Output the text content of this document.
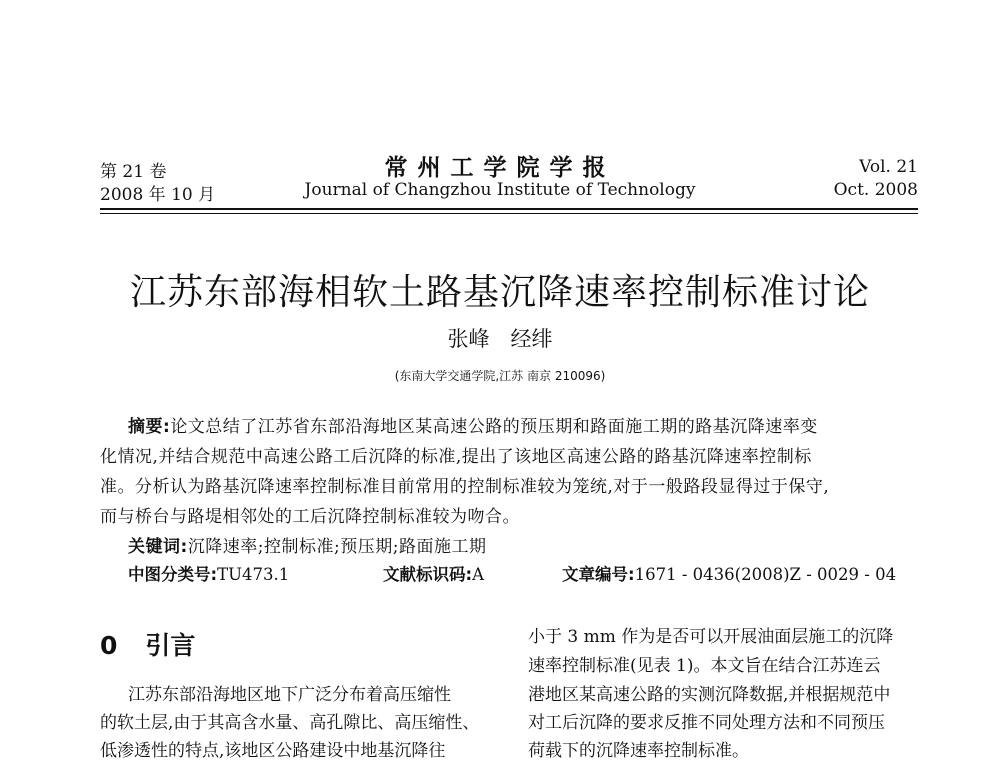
第 21 卷
2008 年 10 月
常州工学院学报
Journal of Changzhou Institute of Technology
Vol. 21
Oct. 2008
江苏东部海相软土路基沉降速率控制标准讨论
张峰　经绯
(东南大学交通学院,江苏 南京 210096)
摘要:论文总结了江苏省东部沿海地区某高速公路的预压期和路面施工期的路基沉降速率变
化情况,并结合规范中高速公路工后沉降的标准,提出了该地区高速公路的路基沉降速率控制标
准。分析认为路基沉降速率控制标准目前常用的控制标准较为笼统,对于一般路段显得过于保守,
而与桥台与路堤相邻处的工后沉降控制标准较为吻合。
关键词:沉降速率;控制标准;预压期;路面施工期
中图分类号:TU473.1	文献标识码:A	文章编号:1671 - 0436(2008)Z - 0029 - 04
0 引言
江苏东部沿海地区地下广泛分布着高压缩性
的软土层,由于其高含水量、高孔隙比、高压缩性、
低渗透性的特点,该地区公路建设中地基沉降往
小于 3 mm 作为是否可以开展油面层施工的沉降
速率控制标准(见表 1)。本文旨在结合江苏连云
港地区某高速公路的实测沉降数据,并根据规范中
对工后沉降的要求反推不同处理方法和不同预压
荷载下的沉降速率控制标准。
